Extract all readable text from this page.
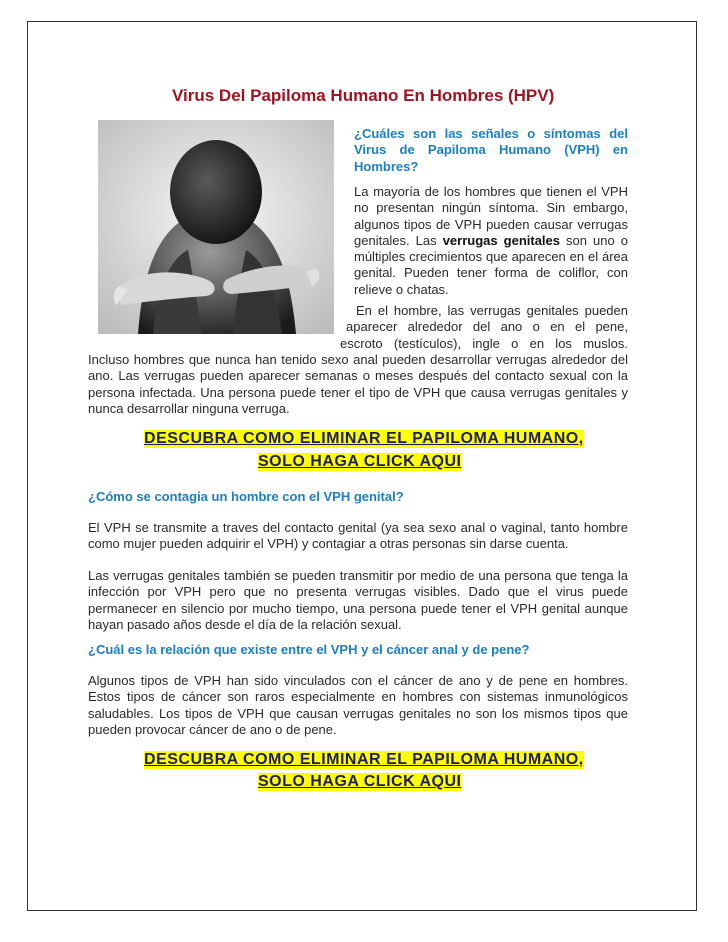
Virus Del Papiloma Humano En Hombres (HPV)

¿Cuáles son las señales o síntomas del Virus de Papiloma Humano (VPH) en Hombres?

La mayoría de los hombres que tienen el VPH no presentan ningún síntoma. Sin embargo, algunos tipos de VPH pueden causar verrugas genitales. Las verrugas genitales son uno o múltiples crecimientos que aparecen en el área genital. Pueden tener forma de coliflor, con relieve o chatas.

En el hombre, las verrugas genitales pueden

aparecer alrededor del ano o en el pene,

escroto (testículos), ingle o en los muslos.

Incluso hombres que nunca han tenido sexo anal pueden desarrollar verrugas alrededor del ano. Las verrugas pueden aparecer semanas o meses después del contacto sexual con la persona infectada. Una persona puede tener el tipo de VPH que causa verrugas genitales y nunca desarrollar ninguna verruga.

DESCUBRA COMO ELIMINAR EL PAPILOMA HUMANO,
SOLO HAGA CLICK AQUI

¿Cómo se contagia un hombre con el VPH genital?

El VPH se transmite a traves del contacto genital (ya sea sexo anal o vaginal, tanto hombre como mujer pueden adquirir el VPH) y contagiar a otras personas sin darse cuenta.

Las verrugas genitales también se pueden transmitir por medio de una persona que tenga la infección por VPH pero que no presenta verrugas visibles. Dado que el virus puede permanecer en silencio por mucho tiempo, una persona puede tener el VPH genital aunque hayan pasado años desde el día de la relación sexual.

¿Cuál es la relación que existe entre el VPH y el cáncer anal y de pene?

Algunos tipos de VPH han sido vinculados con el cáncer de ano y de pene en hombres. Estos tipos de cáncer son raros especialmente en hombres con sistemas inmunológicos saludables. Los tipos de VPH que causan verrugas genitales no son los mismos tipos que pueden provocar cáncer de ano o de pene.

DESCUBRA COMO ELIMINAR EL PAPILOMA HUMANO,
SOLO HAGA CLICK AQUI
